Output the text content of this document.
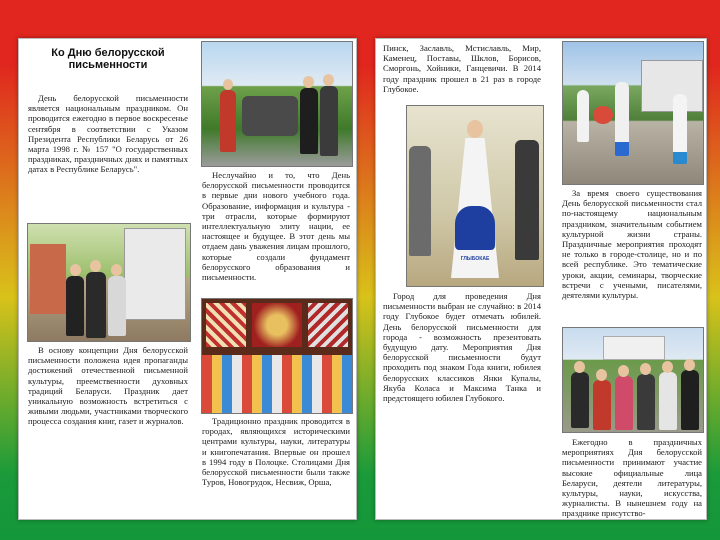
Ко Дню белорусской письменности

День белорусской письменности является национальным праздником. Он проводится ежегодно в первое воскресенье сентября в соответствии с Указом Президента Республики Беларусь от 26 марта 1998 г. № 157 "О государственных праздниках, праздничных днях и памятных датах в Республике Беларусь".

В основу концепции Дня белорусской письменности положена идея пропаганды достижений отечественной письменной культуры, преемственности духовных традиций Беларуси. Праздник дает уникальную возможность встретиться с живыми людьми, участниками творческого процесса создания книг, газет и журналов.

Неслучайно и то, что День белорусской письменности проводится в первые дни нового учебного года. Образование, информация и культура - три отрасли, которые формируют интеллектуальную элиту нации, ее настоящее и будущее. В этот день мы отдаем дань уважения лицам прошлого, которые создали фундамент белорусского образования и письменности.

Традиционно праздник проводится в городах, являющихся историческими центрами культуры, науки, литературы и книгопечатания. Впервые он прошел в 1994 году в Полоцке. Столицами Дня белорусской письменности были также Туров, Новогрудок, Несвиж, Орша,

Пинск, Заславль, Мстиславль, Мир, Каменец, Поставы, Шклов, Борисов, Сморгонь, Хойники, Ганцевичи. В 2014 году праздник прошел в 21 раз в городе Глубокое.

ГЛЫБОКАЕ

Город для проведения Дня письменности выбран не случайно: в 2014 году Глубокое будет отмечать юбилей. День белорусской письменности для города - возможность презентовать будущую дату. Мероприятия Дня белорусской письменности будут проходить под знаком Года книги, юбилея белорусских классиков Янки Купалы, Якуба Коласа и Максима Танка и предстоящего юбилея Глубокого.

За время своего существования День белорусской письменности стал по-настоящему национальным праздником, значительным событием культурной жизни страны. Праздничные мероприятия проходят не только в городе-столице, но и по всей республике. Это тематические уроки, акции, семинары, творческие встречи с учеными, писателями, деятелями культуры.

Ежегодно в праздничных мероприятиях Дня белорусской письменности принимают участие высокие официальные лица Беларуси, деятели литературы, культуры, науки, искусства, журналисты. В нынешнем году на празднике присутство-
